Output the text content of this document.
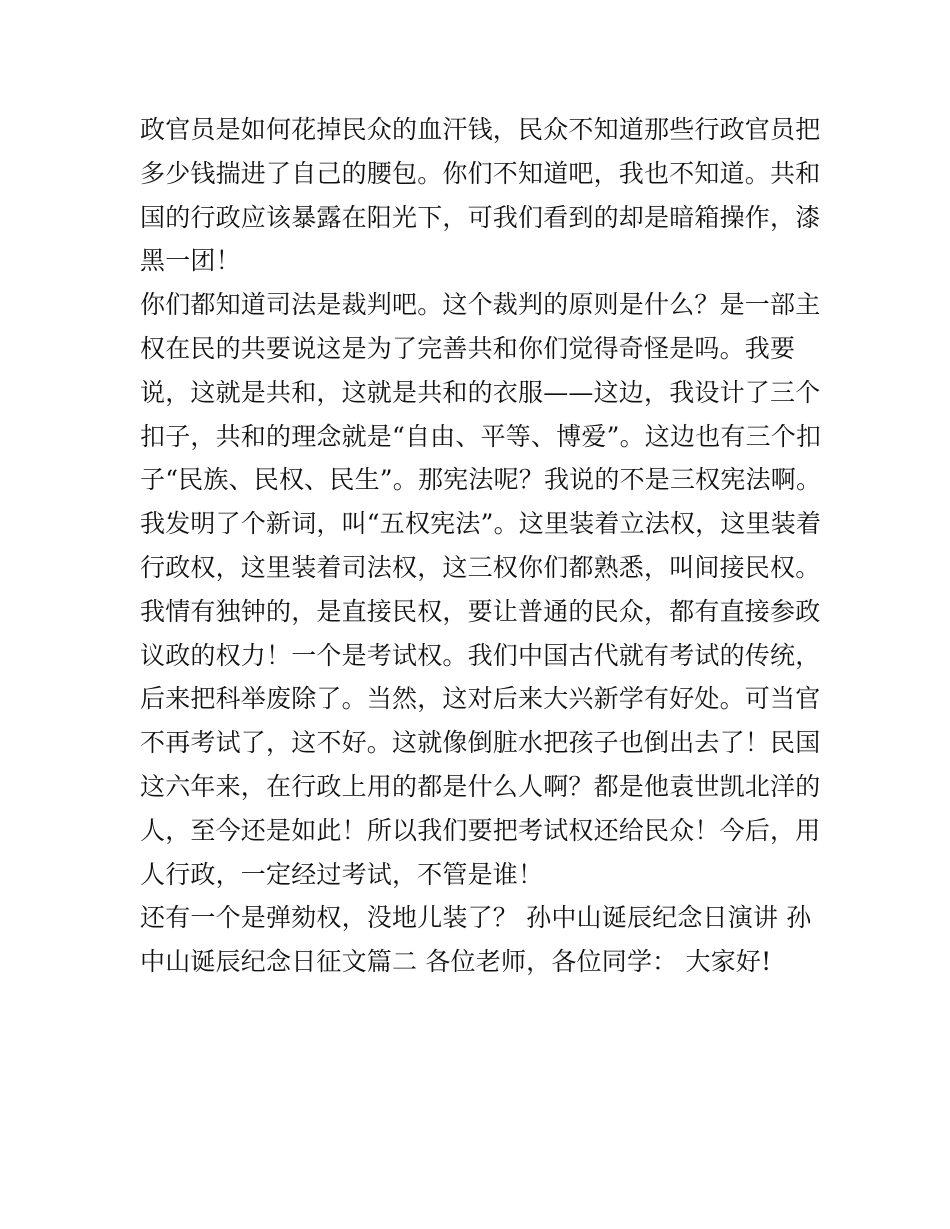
政官员是如何花掉民众的血汗钱，民众不知道那些行政官员把
多少钱揣进了自己的腰包。你们不知道吧，我也不知道。共和
国的行政应该暴露在阳光下，可我们看到的却是暗箱操作，漆
黑一团！
你们都知道司法是裁判吧。这个裁判的原则是什么？是一部主
权在民的共要说这是为了完善共和你们觉得奇怪是吗。我要
说，这就是共和，这就是共和的衣服——这边，我设计了三个
扣子，共和的理念就是“自由、平等、博爱”。这边也有三个扣
子“民族、民权、民生”。那宪法呢？我说的不是三权宪法啊。
我发明了个新词，叫“五权宪法”。这里装着立法权，这里装着
行政权，这里装着司法权，这三权你们都熟悉，叫间接民权。
我情有独钟的，是直接民权，要让普通的民众，都有直接参政
议政的权力！一个是考试权。我们中国古代就有考试的传统，
后来把科举废除了。当然，这对后来大兴新学有好处。可当官
不再考试了，这不好。这就像倒脏水把孩子也倒出去了！民国
这六年来，在行政上用的都是什么人啊？都是他袁世凯北洋的
人，至今还是如此！所以我们要把考试权还给民众！今后，用
人行政，一定经过考试，不管是谁！
还有一个是弹劾权，没地儿装了？ 孙中山诞辰纪念日演讲 孙
中山诞辰纪念日征文篇二 各位老师，各位同学： 大家好!
